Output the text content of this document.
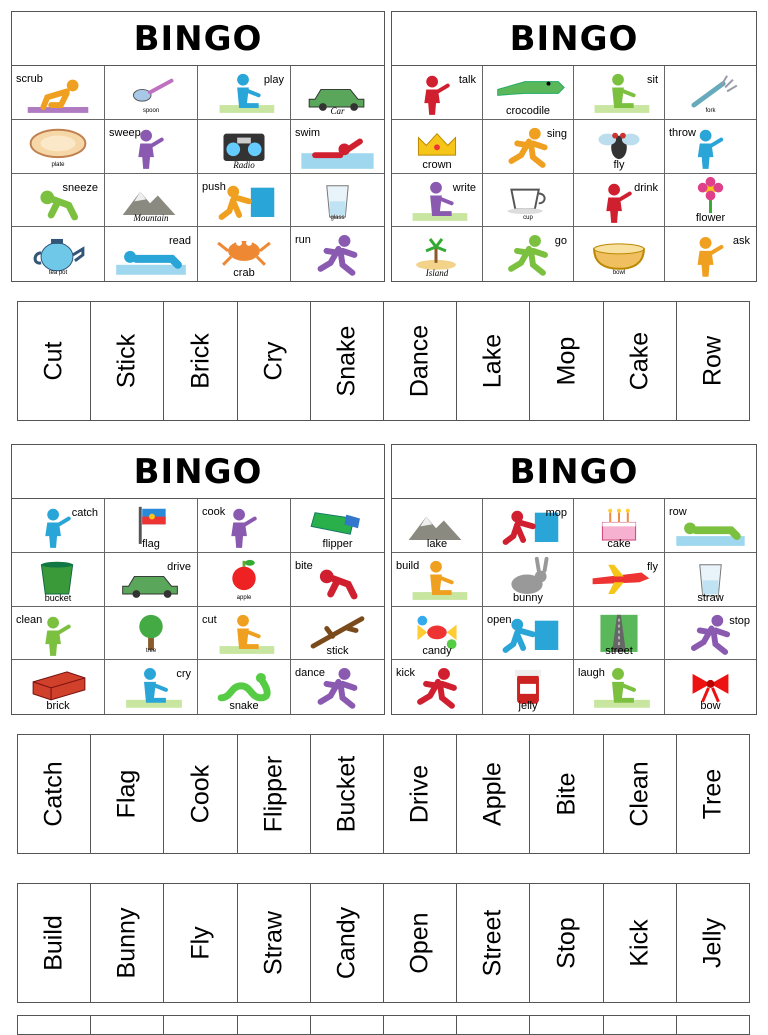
BINGO
scrub
spoon
play
Car
plate
sweep
Radio
swim
sneeze
Mountain
push
glass
tea pot
read
crab
run
BINGO
talk
crocodile
sit
fork
crown
sing
fly
throw
write
cup
drink
flower
Island
go
bowl
ask
Cut Stick Brick Cry Snake Dance Lake Mop Cake Row
BINGO
catch
flag
cook
flipper
bucket
drive
apple
bite
clean
tree
cut
stick
brick
cry
snake
dance
BINGO
lake
mop
cake
row
build
bunny
fly
straw
candy
open
street
stop
kick
jelly
laugh
bow
Catch Flag Cook Flipper Bucket Drive Apple Bite Clean Tree
Build Bunny Fly Straw Candy Open Street Stop Kick Jelly
